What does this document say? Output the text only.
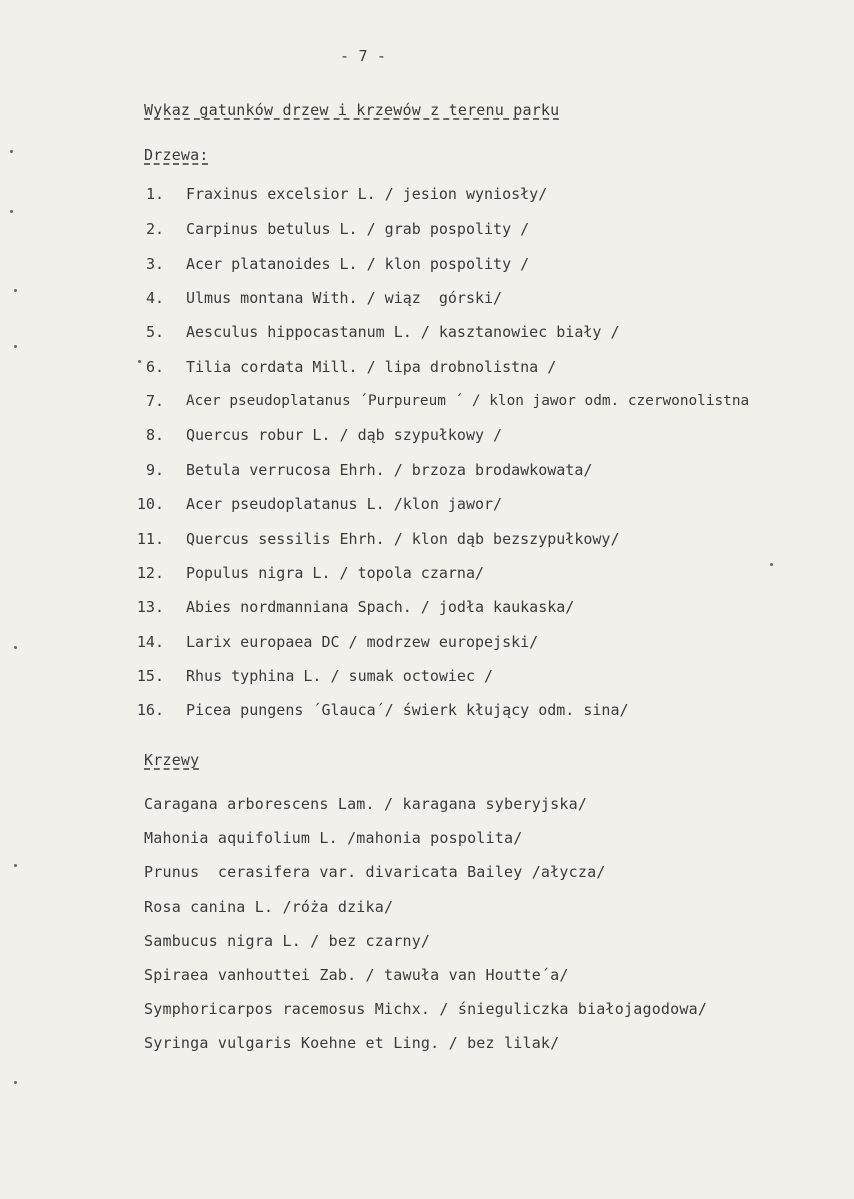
- 7 -
Wykaz gatunków drzew i krzewów z terenu parku
Drzewa:
1. Fraxinus excelsior L. / jesion wyniosły/
2. Carpinus betulus L. / grab pospolity /
3. Acer platanoides L. / klon pospolity /
4. Ulmus montana With. / wiąz  górski/
5. Aesculus hippocastanum L. / kasztanowiec biały /
6. Tilia cordata Mill. / lipa drobnolistna /
7. Acer pseudoplatanus ´Purpureum ´ / klon jawor odm. czerwonolistna
8. Quercus robur L. / dąb szypułkowy /
9. Betula verrucosa Ehrh. / brzoza brodawkowata/
10. Acer pseudoplatanus L. /klon jawor/
11. Quercus sessilis Ehrh. / klon dąb bezszypułkowy/
12. Populus nigra L. / topola czarna/
13. Abies nordmanniana Spach. / jodła kaukaska/
14. Larix europaea DC / modrzew europejski/
15. Rhus typhina L. / sumak octowiec /
16. Picea pungens ´Glauca´/ świerk kłujący odm. sina/
Krzewy
Caragana arborescens Lam. / karagana syberyjska/
Mahonia aquifolium L. /mahonia pospolita/
Prunus  cerasifera var. divaricata Bailey /ałycza/
Rosa canina L. /róża dzika/
Sambucus nigra L. / bez czarny/
Spiraea vanhouttei Zab. / tawuła van Houtte´a/
Symphoricarpos racemosus Michx. / śnieguliczka białojagodowa/
Syringa vulgaris Koehne et Ling. / bez lilak/
